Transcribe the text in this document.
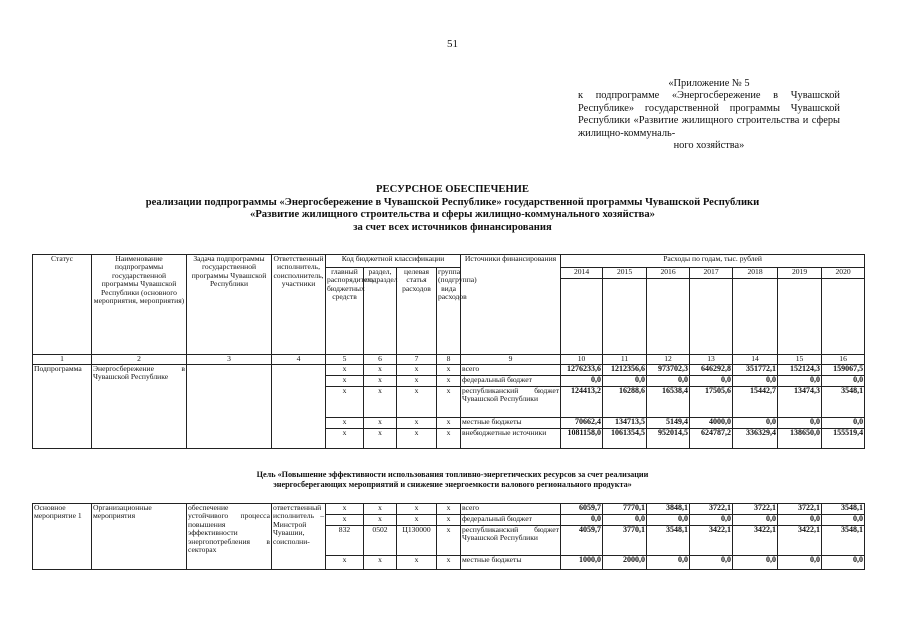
51
«Приложение № 5
к подпрограмме «Энергосбережение в Чувашской Республике» государственной программы Чувашской Республики «Развитие жилищного строительства и сферы жилищно-коммуналь-
ного хозяйства»
РЕСУРСНОЕ ОБЕСПЕЧЕНИЕ
реализации подпрограммы «Энергосбережение в Чувашской Республике» государственной программы Чувашской Республики
«Развитие жилищного строительства и сферы жилищно-коммунального хозяйства»
за счет всех источников финансирования
Статус	Наименование подпрограммы государственной программы Чувашской Республики (основного мероприятия, мероприятия)	Задача подпрограммы государственной программы Чувашской Республики	Ответственный исполнитель, соисполнитель, участники	Код бюджетной классификации				Источники финансирования	Расходы по годам, тыс. рублей						
				главный распорядитель бюджетных средств	раздел, подраздел	целевая статья расходов	группа (подгруппа) вида расходов		2014	2015	2016	2017	2018	2019	2020

1	2	3	4	5	6	7	8	9	10	11	12	13	14	15	16
Подпрограмма	Энергосбережение в Чувашской Республике			x	x	x	x	всего	1276233,6	1212356,6	973702,3	646292,8	351772,1	152124,3	159067,5
				x	x	x	x	федеральный бюджет	0,0	0,0	0,0	0,0	0,0	0,0	0,0
				x	x	x	x	республиканский бюджет Чувашской Республики	124413,2	16288,6	16538,4	17505,6	15442,7	13474,3	3548,1
				x	x	x	x	местные бюджеты	70662,4	134713,5	5149,4	4000,0	0,0	0,0	0,0
				x	x	x	x	внебюджетные источники	1081158,0	1061354,5	952014,5	624787,2	336329,4	138650,0	155519,4
Цель «Повышение эффективности использования топливно-энергетических ресурсов за счет реализации
энергосберегающих мероприятий и снижение энергоемкости валового регионального продукта»
Основное мероприятие 1	Организационные мероприятия	обеспечение устойчивого процесса повышения эффективности энергопотребления в секторах	ответственный исполнитель – Минстрой Чувашии, соисполни-	x	x	x	x	всего	6059,7	7770,1	3848,1	3722,1	3722,1	3722,1	3548,1
				x	x	x	x	федеральный бюджет	0,0	0,0	0,0	0,0	0,0	0,0	0,0
				832	0502	Ц130000	x	республиканский бюджет Чувашской Республики	4059,7	3770,1	3548,1	3422,1	3422,1	3422,1	3548,1
				x	x	x	x	местные бюджеты	1000,0	2000,0	0,0	0,0	0,0	0,0	0,0
